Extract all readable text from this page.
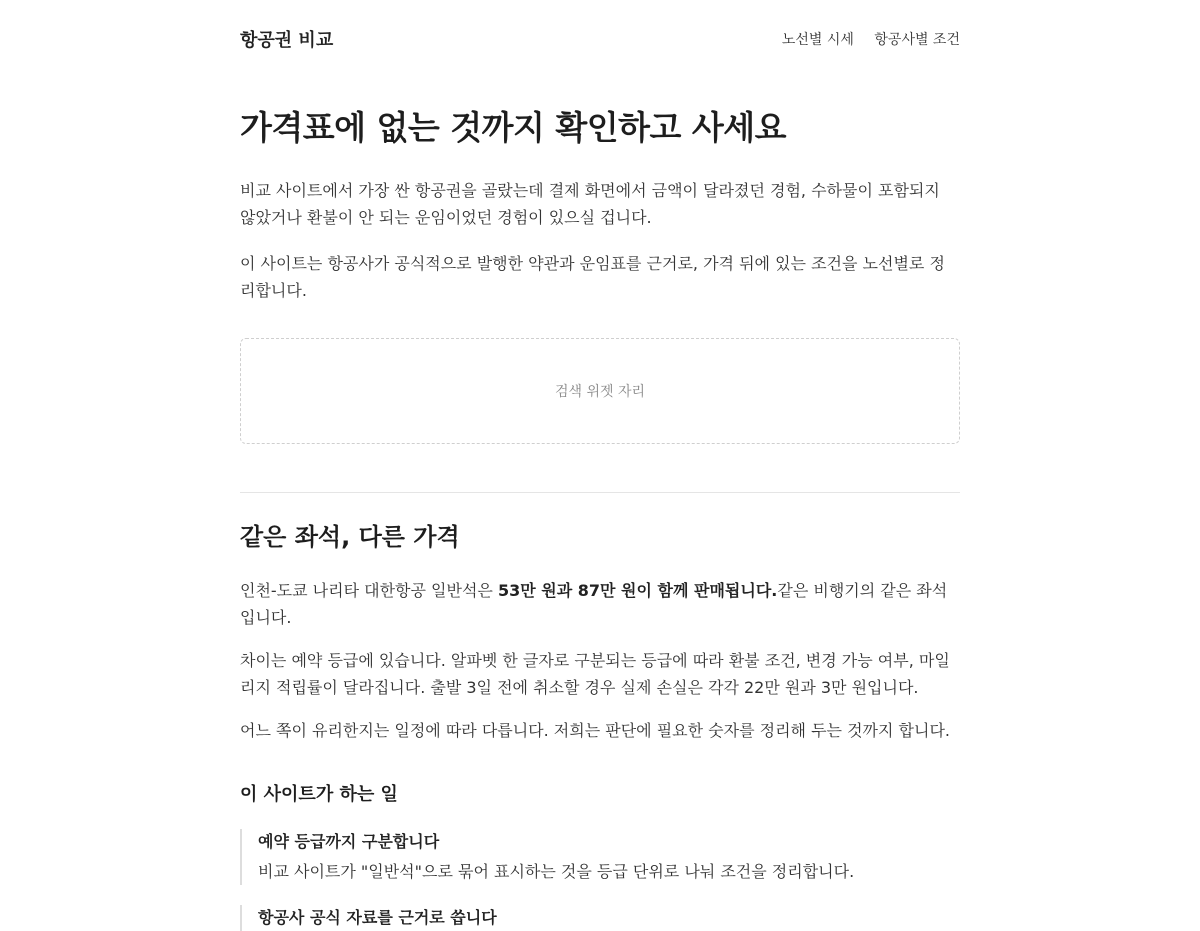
항공권 비교	노선별 시세 항공사별 조건
가격표에 없는 것까지 확인하고 사세요

비교 사이트에서 가장 싼 항공권을 골랐는데 결제 화면에서 금액이 달라졌던 경험, 수하물이 포함되지 않았거나 환불이 안 되는 운임이었던 경험이 있으실 겁니다.

이 사이트는 항공사가 공식적으로 발행한 약관과 운임표를 근거로, 가격 뒤에 있는 조건을 노선별로 정리합니다.

검색 위젯 자리
같은 좌석, 다른 가격

인천-도쿄 나리타 대한항공 일반석은 53만 원과 87만 원이 함께 판매됩니다.같은 비행기의 같은 좌석입니다.

차이는 예약 등급에 있습니다. 알파벳 한 글자로 구분되는 등급에 따라 환불 조건, 변경 가능 여부, 마일리지 적립률이 달라집니다. 출발 3일 전에 취소할 경우 실제 손실은 각각 22만 원과 3만 원입니다.

어느 쪽이 유리한지는 일정에 따라 다릅니다. 저희는 판단에 필요한 숫자를 정리해 두는 것까지 합니다.

이 사이트가 하는 일
예약 등급까지 구분합니다
비교 사이트가 "일반석"으로 묶어 표시하는 것을 등급 단위로 나눠 조건을 정리합니다.
항공사 공식 자료를 근거로 씁니다
